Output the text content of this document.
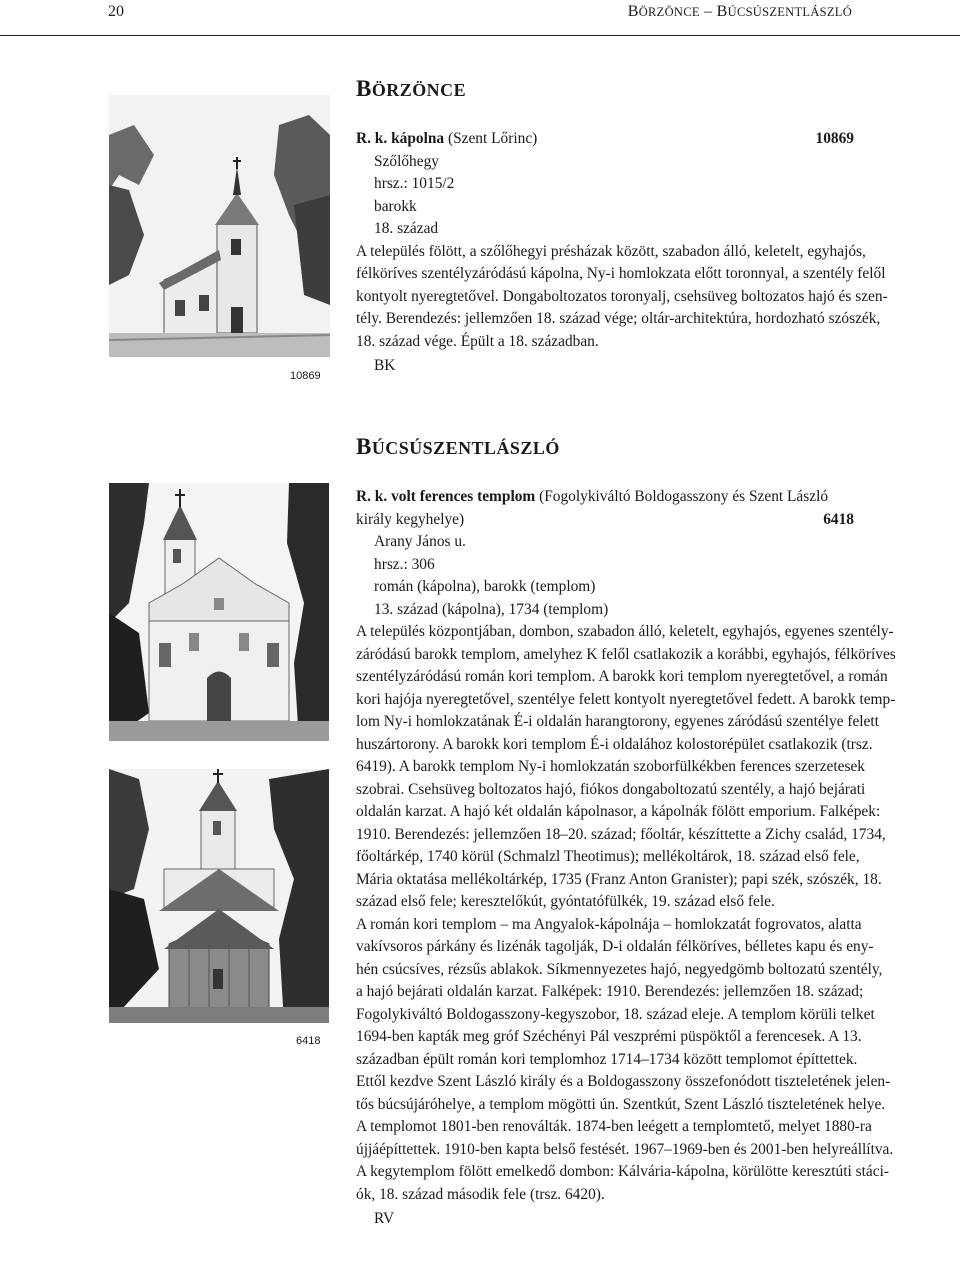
20	BÖRZÖNCE – BÚCSÚSZENTLÁSZLÓ
BÖRZÖNCE
10869
R. k. kápolna (Szent Lőrinc)	10869
Szőlőhegy
hrsz.: 1015/2
barokk
18. század
A település fölött, a szőlőhegyi présházak között, szabadon álló, keletelt, egyhajós,
félköríves szentélyzáródású kápolna, Ny-i homlokzata előtt toronnyal, a szentély felől
kontyolt nyeregtetővel. Dongaboltozatos toronyalj, csehsüveg boltozatos hajó és szen-
tély. Berendezés: jellemzően 18. század vége; oltár-architektúra, hordozható szószék,
18. század vége. Épült a 18. században.
BK
BÚCSÚSZENTLÁSZLÓ
6418
R. k. volt ferences templom (Fogolykiváltó Boldogasszony és Szent László
király kegyhelye)	6418
Arany János u.
hrsz.: 306
román (kápolna), barokk (templom)
13. század (kápolna), 1734 (templom)
A település központjában, dombon, szabadon álló, keletelt, egyhajós, egyenes szentély-
záródású barokk templom, amelyhez K felől csatlakozik a korábbi, egyhajós, félköríves
szentélyzáródású román kori templom. A barokk kori templom nyeregtetővel, a román
kori hajója nyeregtetővel, szentélye felett kontyolt nyeregtetővel fedett. A barokk temp-
lom Ny-i homlokzatának É-i oldalán harangtorony, egyenes záródású szentélye felett
huszártorony. A barokk kori templom É-i oldalához kolostorépület csatlakozik (trsz.
6419). A barokk templom Ny-i homlokzatán szoborfülkékben ferences szerzetesek
szobrai. Csehsüveg boltozatos hajó, fiókos dongaboltozatú szentély, a hajó bejárati
oldalán karzat. A hajó két oldalán kápolnasor, a kápolnák fölött emporium. Falképek:
1910. Berendezés: jellemzően 18–20. század; főoltár, készíttette a Zichy család, 1734,
főoltárkép, 1740 körül (Schmalzl Theotimus); mellékoltárok, 18. század első fele,
Mária oktatása mellékoltárkép, 1735 (Franz Anton Granister); papi szék, szószék, 18.
század első fele; keresztelőkút, gyóntatófülkék, 19. század első fele.
A román kori templom – ma Angyalok-kápolnája – homlokzatát fogrovatos, alatta
vakívsoros párkány és lizénák tagolják, D-i oldalán félköríves, bélletes kapu és eny-
hén csúcsíves, rézsűs ablakok. Síkmennyezetes hajó, negyedgömb boltozatú szentély,
a hajó bejárati oldalán karzat. Falképek: 1910. Berendezés: jellemzően 18. század;
Fogolykiváltó Boldogasszony-kegyszobor, 18. század eleje. A templom körüli telket
1694-ben kapták meg gróf Széchényi Pál veszprémi püspöktől a ferencesek. A 13.
században épült román kori templomhoz 1714–1734 között templomot építtettek.
Ettől kezdve Szent László király és a Boldogasszony összefonódott tiszteletének jelen-
tős búcsújáróhelye, a templom mögötti ún. Szentkút, Szent László tiszteletének helye.
A templomot 1801-ben renoválták. 1874-ben leégett a templomtető, melyet 1880-ra
újjáépíttettek. 1910-ben kapta belső festését. 1967–1969-ben és 2001-ben helyreállítva.
A kegytemplom fölött emelkedő dombon: Kálvária-kápolna, körülötte keresztúti stáci-
ók, 18. század második fele (trsz. 6420).
RV
